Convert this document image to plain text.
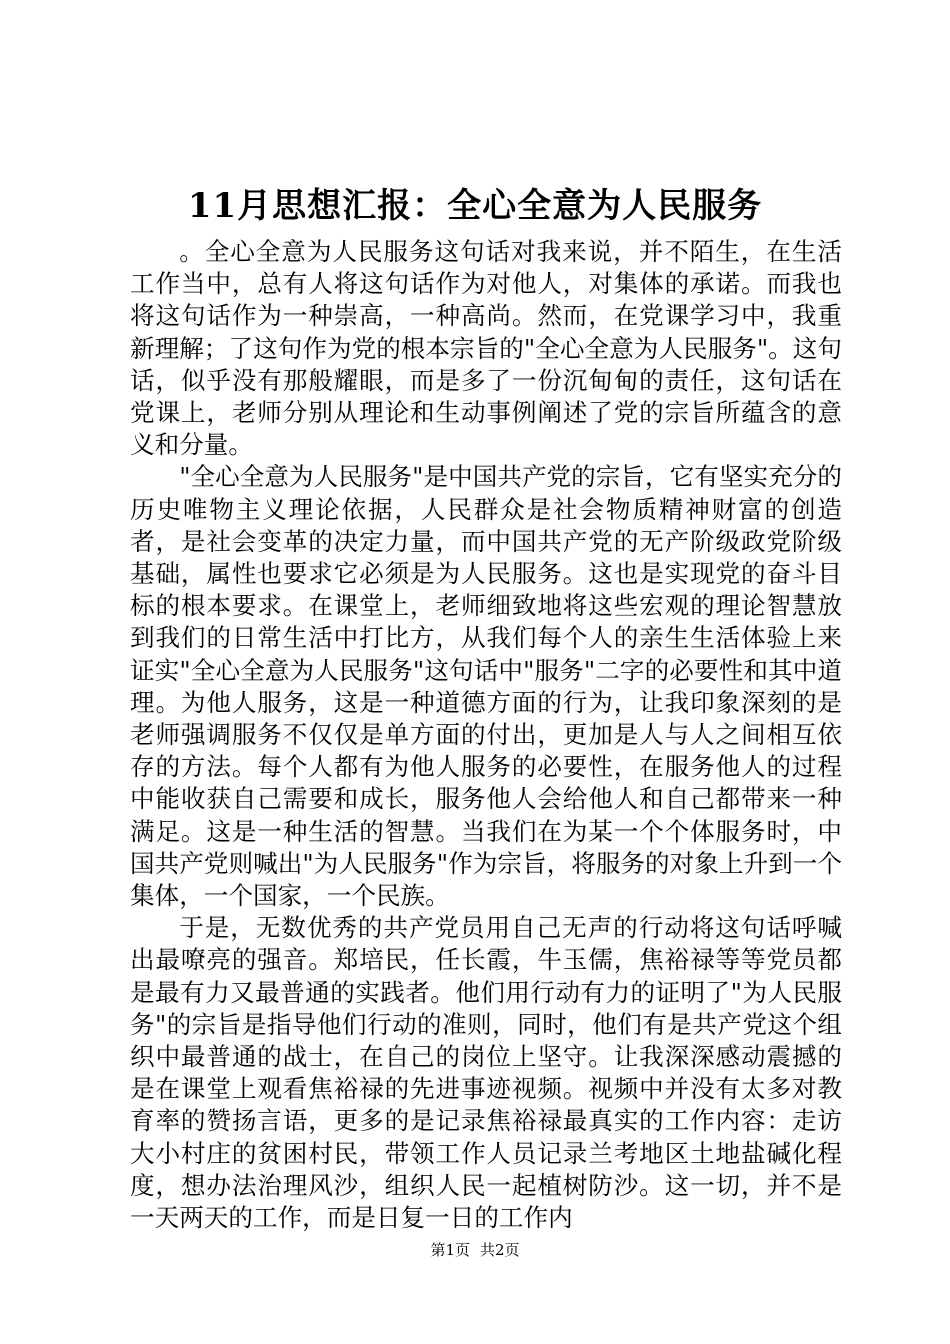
11月思想汇报：全心全意为人民服务

。全心全意为人民服务这句话对我来说，并不陌生，在生活工作当中，总有人将这句话作为对他人，对集体的承诺。而我也将这句话作为一种崇高，一种高尚。然而，在党课学习中，我重新理解；了这句作为党的根本宗旨的"全心全意为人民服务"。这句话，似乎没有那般耀眼，而是多了一份沉甸甸的责任，这句话在党课上，老师分别从理论和生动事例阐述了党的宗旨所蕴含的意义和分量。

"全心全意为人民服务"是中国共产党的宗旨，它有坚实充分的历史唯物主义理论依据，人民群众是社会物质精神财富的创造者，是社会变革的决定力量，而中国共产党的无产阶级政党阶级基础，属性也要求它必须是为人民服务。这也是实现党的奋斗目标的根本要求。在课堂上，老师细致地将这些宏观的理论智慧放到我们的日常生活中打比方，从我们每个人的亲生生活体验上来证实"全心全意为人民服务"这句话中"服务"二字的必要性和其中道理。为他人服务，这是一种道德方面的行为，让我印象深刻的是老师强调服务不仅仅是单方面的付出，更加是人与人之间相互依存的方法。每个人都有为他人服务的必要性，在服务他人的过程中能收获自己需要和成长，服务他人会给他人和自己都带来一种满足。这是一种生活的智慧。当我们在为某一个个体服务时，中国共产党则喊出"为人民服务"作为宗旨，将服务的对象上升到一个集体，一个国家，一个民族。

于是，无数优秀的共产党员用自己无声的行动将这句话呼喊出最嘹亮的强音。郑培民，任长霞，牛玉儒，焦裕禄等等党员都是最有力又最普通的实践者。他们用行动有力的证明了"为人民服务"的宗旨是指导他们行动的准则，同时，他们有是共产党这个组织中最普通的战士，在自己的岗位上坚守。让我深深感动震撼的是在课堂上观看焦裕禄的先进事迹视频。视频中并没有太多对教育率的赞扬言语，更多的是记录焦裕禄最真实的工作内容：走访大小村庄的贫困村民，带领工作人员记录兰考地区土地盐碱化程度，想办法治理风沙，组织人民一起植树防沙。这一切，并不是一天两天的工作，而是日复一日的工作内

第1页 共2页
